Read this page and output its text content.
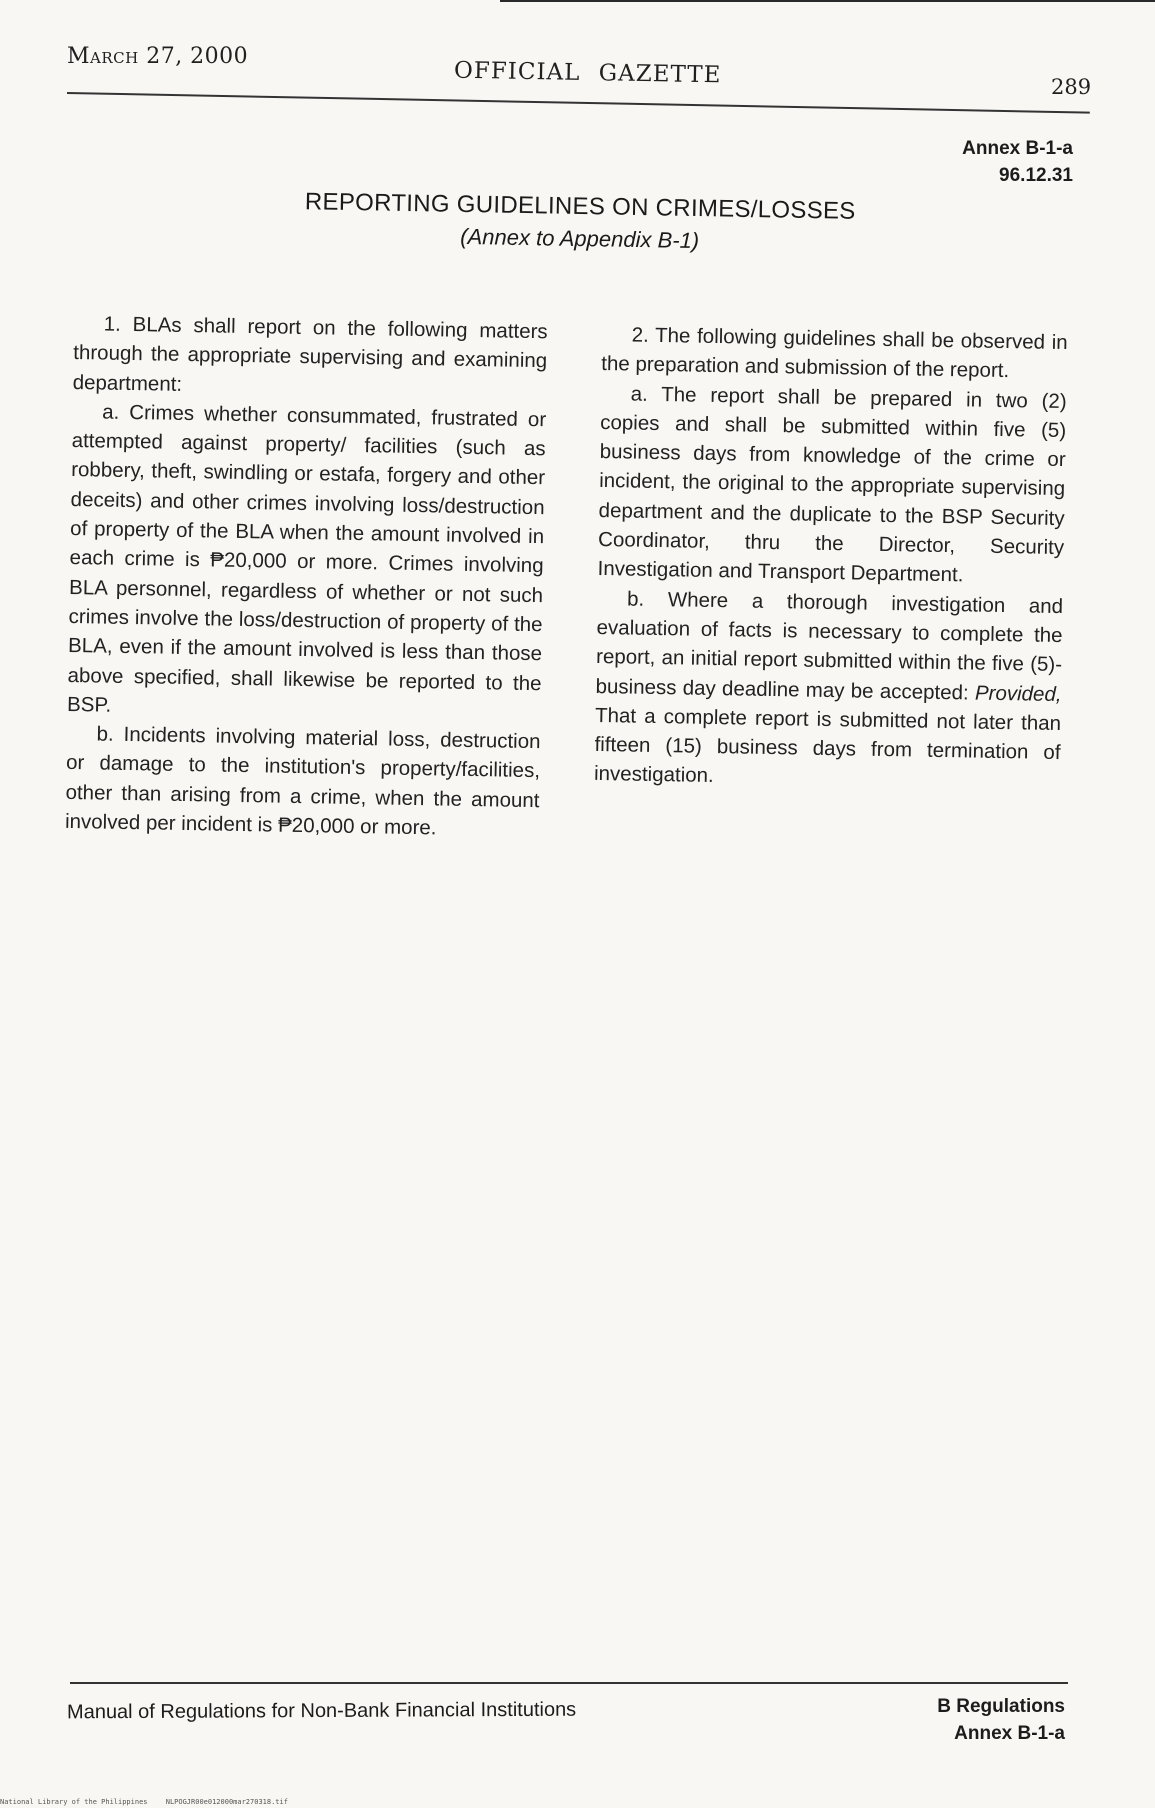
March 27, 2000
OFFICIAL GAZETTE	289
Annex B-1-a
96.12.31
REPORTING GUIDELINES ON CRIMES/LOSSES
(Annex to Appendix B-1)

1. BLAs shall report on the following matters through the appropriate supervising and examining department:

a. Crimes whether consummated, frustrated or attempted against property/ facilities (such as robbery, theft, swindling or estafa, forgery and other deceits) and other crimes involving loss/destruction of property of the BLA when the amount involved in each crime is ₱20,000 or more. Crimes involving BLA personnel, regardless of whether or not such crimes involve the loss/destruction of property of the BLA, even if the amount involved is less than those above specified, shall likewise be reported to the BSP.

b. Incidents involving material loss, destruction or damage to the institution's property/facilities, other than arising from a crime, when the amount involved per incident is ₱20,000 or more.

2. The following guidelines shall be observed in the preparation and submission of the report.

a. The report shall be prepared in two (2) copies and shall be submitted within five (5) business days from knowledge of the crime or incident, the original to the appropriate supervising department and the duplicate to the BSP Security Coordinator, thru the Director, Security Investigation and Transport Department.

b. Where a thorough investigation and evaluation of facts is necessary to complete the report, an initial report submitted within the five (5)-business day deadline may be accepted: Provided, That a complete report is submitted not later than fifteen (15) business days from termination of investigation.

Manual of Regulations for Non-Bank Financial Institutions	B Regulations
Annex B-1-a
National Library of the Philippines	NLPOGJR00e012000mar270318.tif
